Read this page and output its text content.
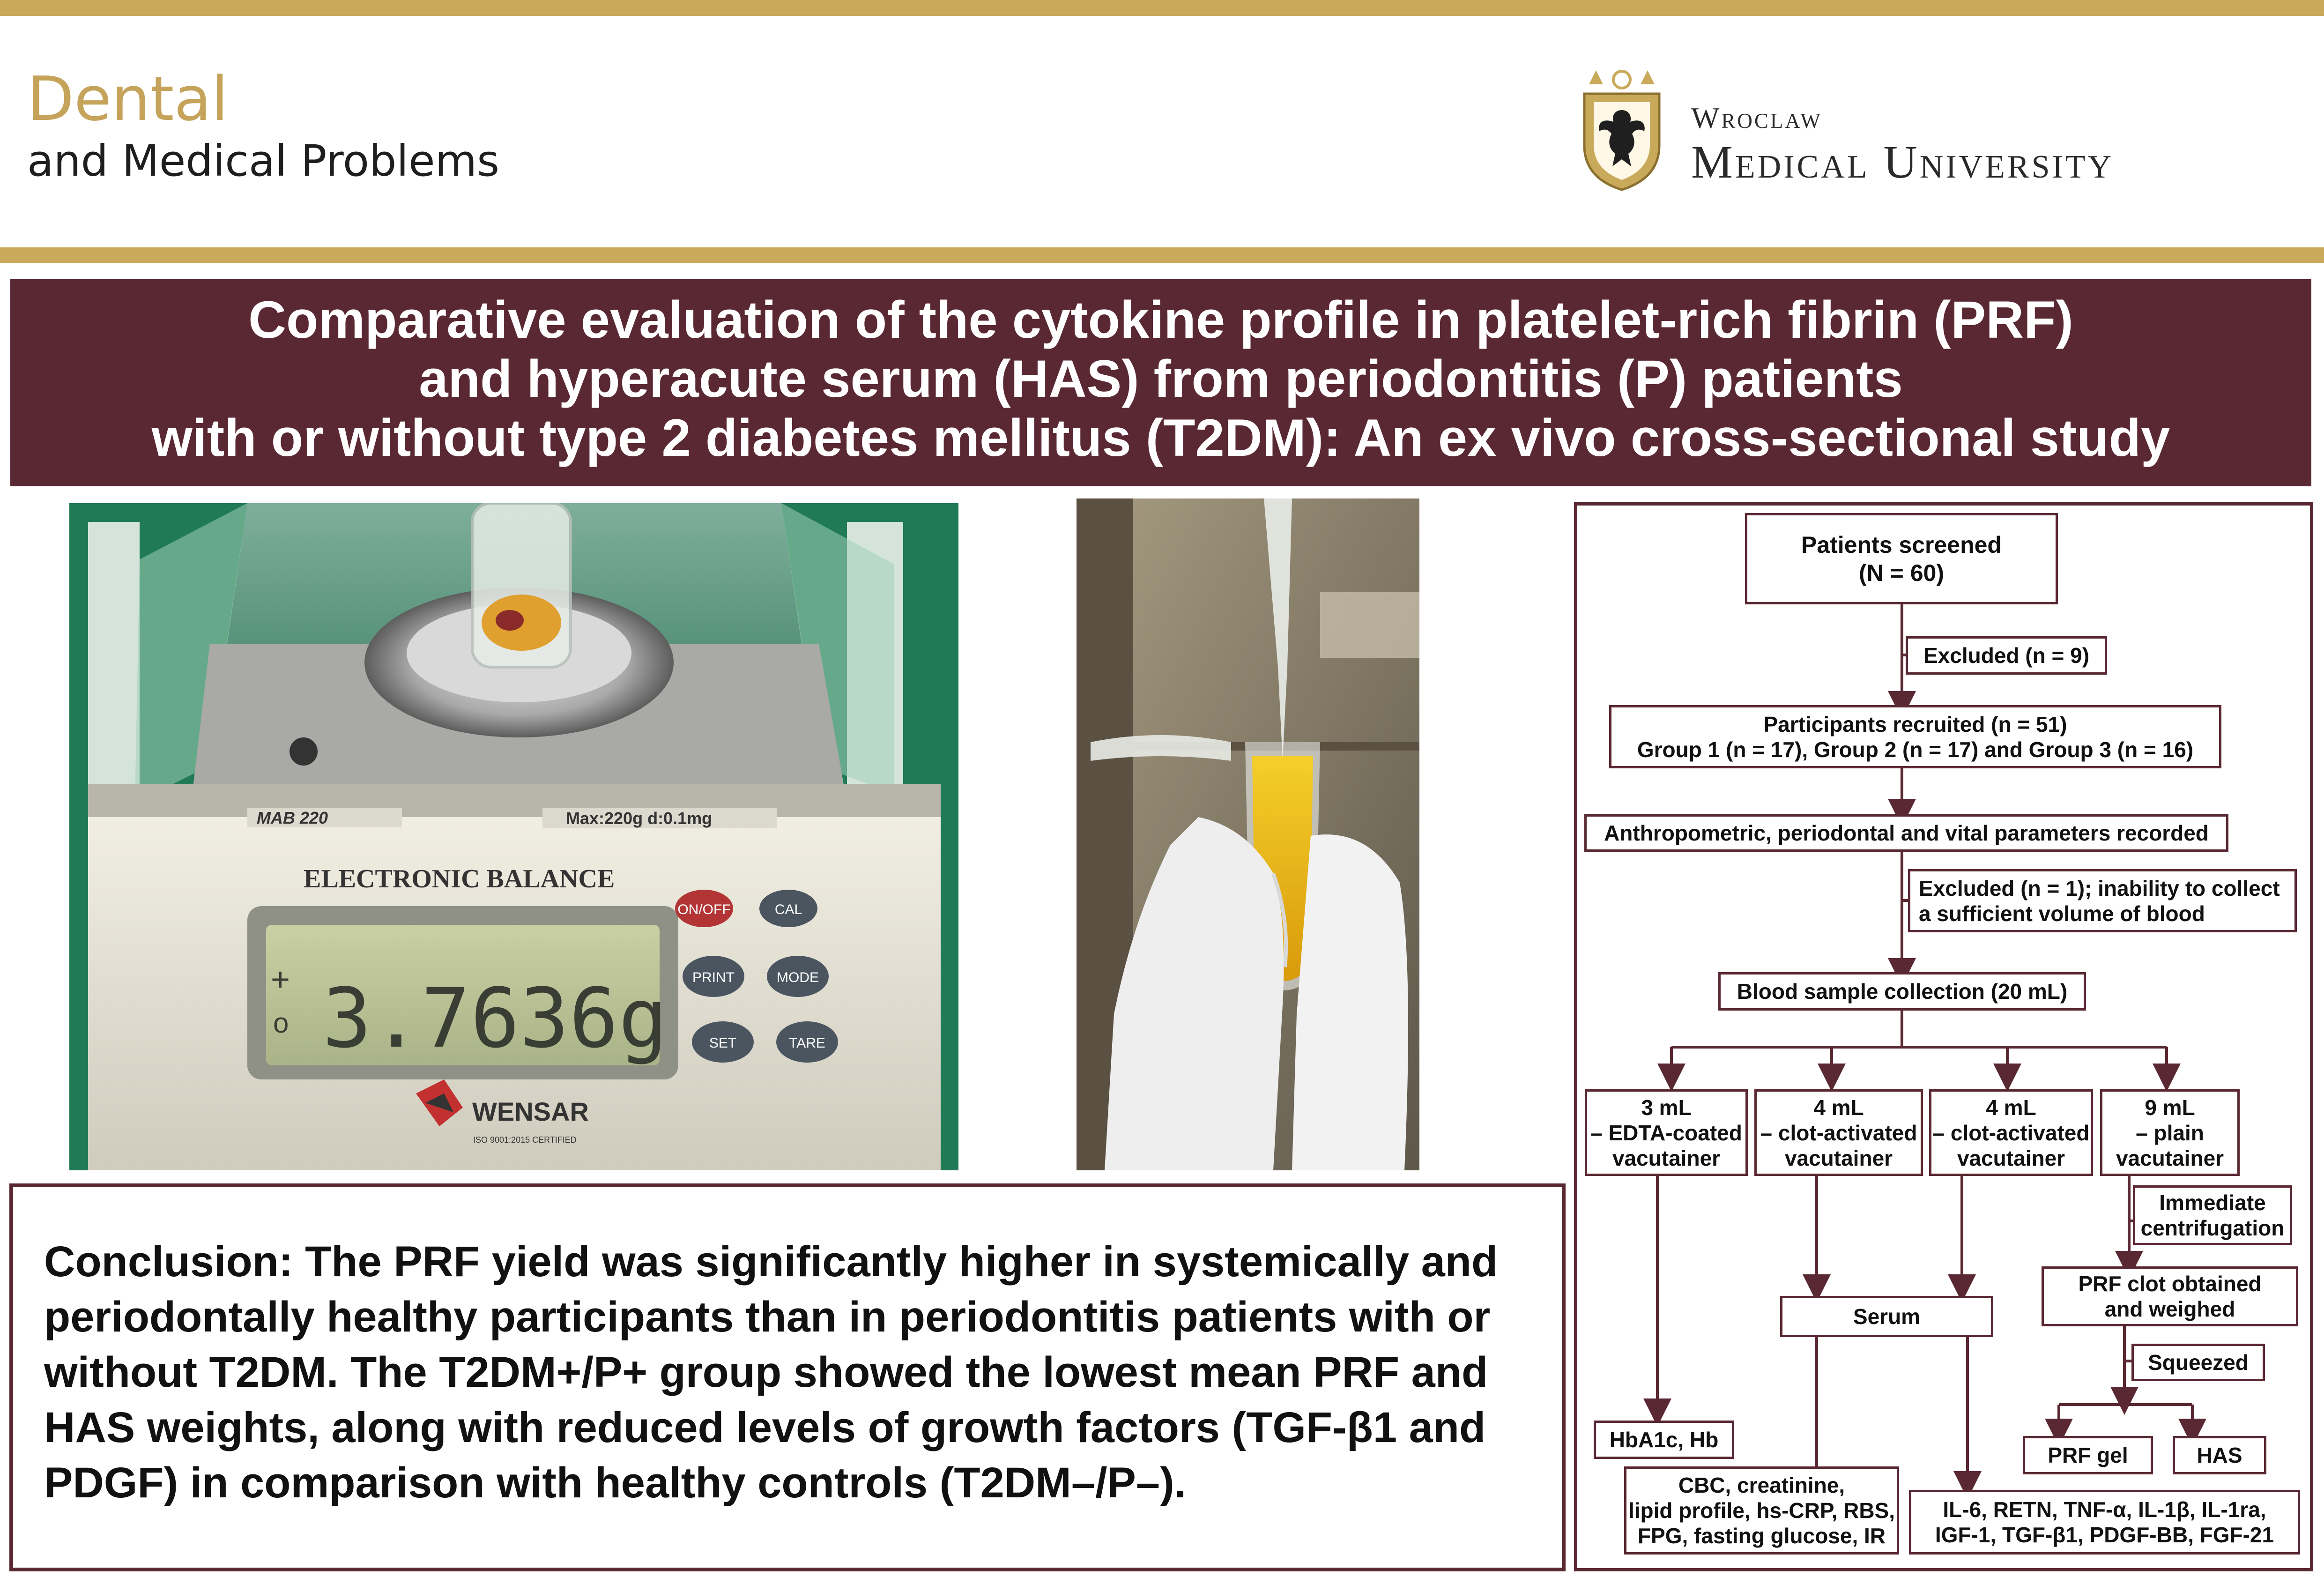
Dental
and Medical Problems
Wroclaw
Medical University
Comparative evaluation of the cytokine profile in platelet-rich fibrin (PRF)
and hyperacute serum (HAS) from periodontitis (P) patients
with or without type 2 diabetes mellitus (T2DM): An ex vivo cross-sectional study
MAB 220	Max:220g d:0.1mg
ELECTRONIC BALANCE
3.7636g
+
o
ON/OFF	CAL
PRINT	MODE
SET	TARE
WENSAR
ISO 9001:2015 CERTIFIED
Conclusion: The PRF yield was significantly higher in systemically and periodontally healthy participants than in periodontitis patients with or without T2DM. The T2DM+/P+ group showed the lowest mean PRF and HAS weights, along with reduced levels of growth factors (TGF-β1 and PDGF) in comparison with healthy controls (T2DM–/P–).
Patients screened
(N = 60)
Excluded (n = 9)
Participants recruited (n = 51)
Group 1 (n = 17), Group 2 (n = 17) and Group 3 (n = 16)
Anthropometric, periodontal and vital parameters recorded
Excluded (n = 1); inability to collect
a sufficient volume of blood
Blood sample collection (20 mL)
3 mL
– EDTA-coated
vacutainer
4 mL
– clot-activated
vacutainer
4 mL
– clot-activated
vacutainer
9 mL
– plain
vacutainer
Immediate
centrifugation
Serum
PRF clot obtained
and weighed
Squeezed
HbA1c, Hb
PRF gel	HAS
CBC, creatinine,
lipid profile, hs-CRP, RBS,
FPG, fasting glucose, IR
IL-6, RETN, TNF-α, IL-1β, IL-1ra,
IGF-1, TGF-β1, PDGF-BB, FGF-21
